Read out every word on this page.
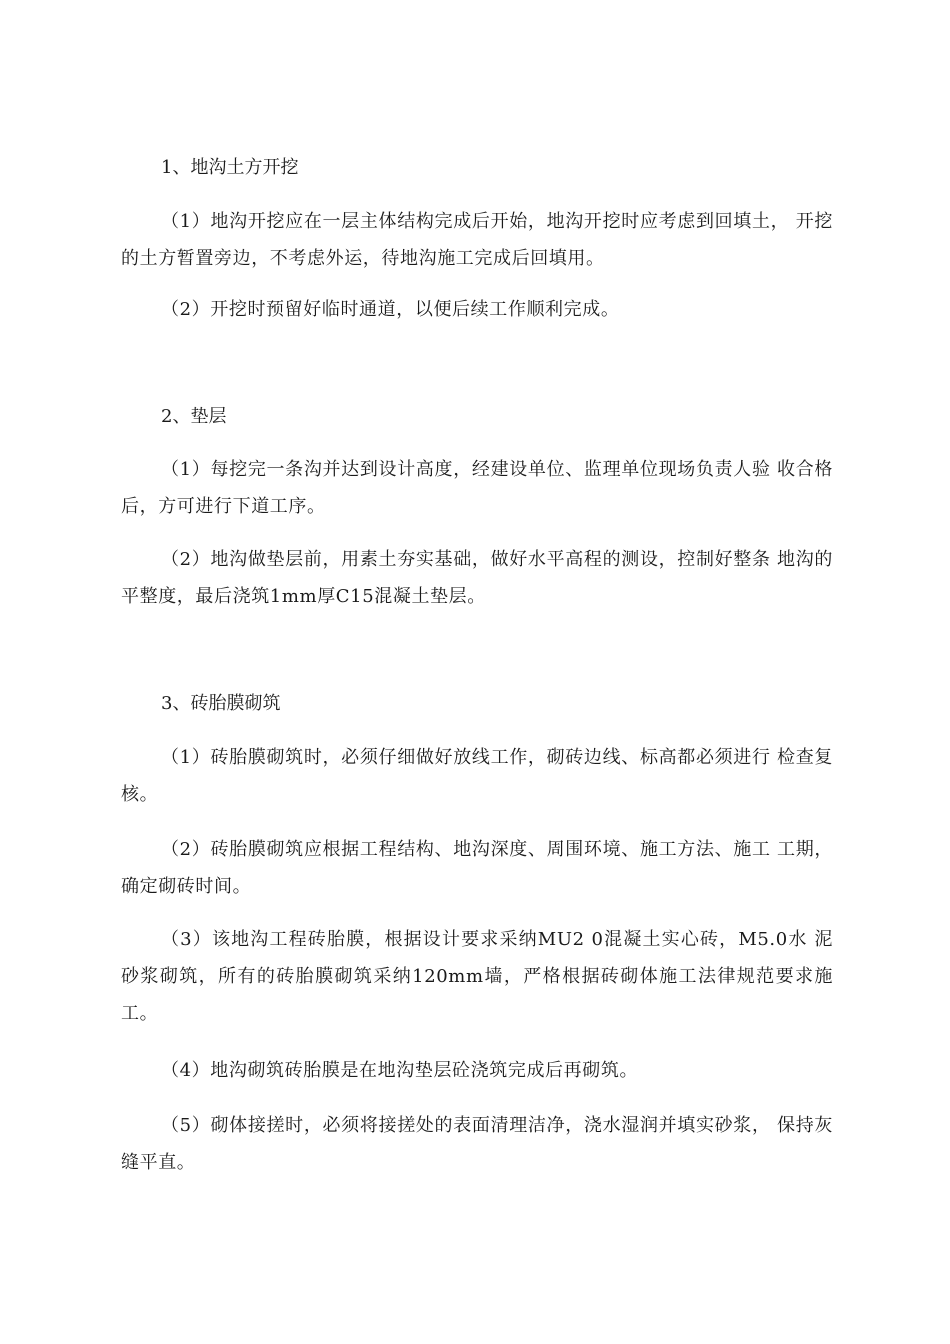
1、地沟土方开挖
（1）地沟开挖应在一层主体结构完成后开始，地沟开挖时应考虑到回填土， 开挖的土方暂置旁边，不考虑外运，待地沟施工完成后回填用。
（2）开挖时预留好临时通道，以便后续工作顺利完成。
2、垫层
（1）每挖完一条沟并达到设计高度，经建设单位、监理单位现场负责人验 收合格后，方可进行下道工序。
（2）地沟做垫层前，用素土夯实基础，做好水平高程的测设，控制好整条 地沟的平整度，最后浇筑1mm厚C15混凝土垫层。
3、砖胎膜砌筑
（1）砖胎膜砌筑时，必须仔细做好放线工作，砌砖边线、标高都必须进行 检查复核。
（2）砖胎膜砌筑应根据工程结构、地沟深度、周围环境、施工方法、施工 工期，确定砌砖时间。
（3）该地沟工程砖胎膜，根据设计要求采纳MU2 0混凝土实心砖，M5.0水 泥砂浆砌筑，所有的砖胎膜砌筑采纳120mm墙，严格根据砖砌体施工法律规范要求施工。
（4）地沟砌筑砖胎膜是在地沟垫层砼浇筑完成后再砌筑。
（5）砌体接搓时，必须将接搓处的表面清理洁净，浇水湿润并填实砂浆， 保持灰缝平直。
